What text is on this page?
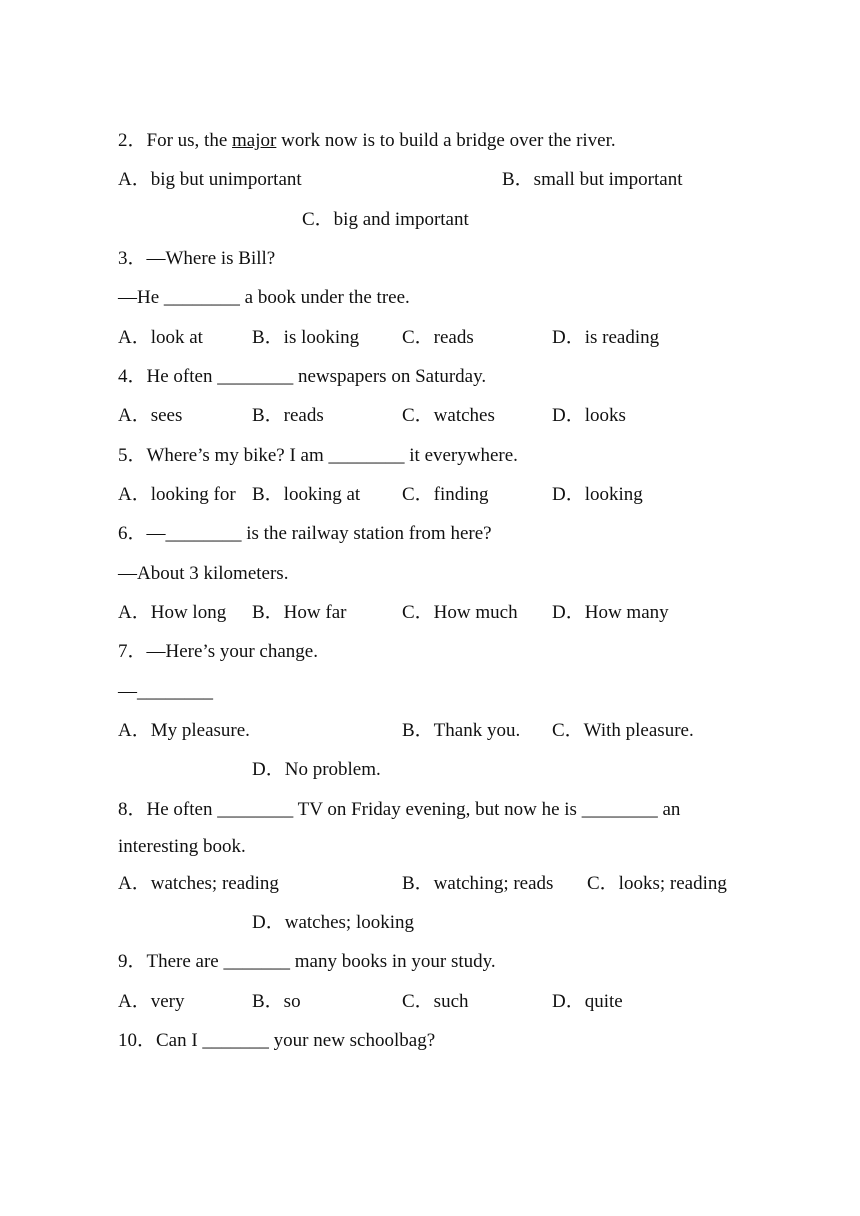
2．For us, the major work now is to build a bridge over the river.
A．big but unimportant	B．small but important
C．big and important
3．—Where is Bill?
—He ________ a book under the tree.
A．look at	B．is looking C．reads	D．is reading
4．He often ________ newspapers on Saturday.
A．sees	B．reads	C．watches	D．looks
5．Where’s my bike? I am ________ it everywhere.
A．looking for B．looking at C．finding	D．looking
6．—________ is the railway station from here?
—About 3 kilometers.
A．How long B．How far	C．How much D．How many
7．—Here’s your change.
—________
A．My pleasure.	B．Thank you. C．With pleasure.
D．No problem.
8．He often ________ TV on Friday evening, but now he is ________ an
interesting book.
A．watches; reading	B．watching; reads C．looks; reading
D．watches; looking
9．There are _______ many books in your study.
A．very	B．so	C．such	D．quite
10．Can I _______ your new schoolbag?
